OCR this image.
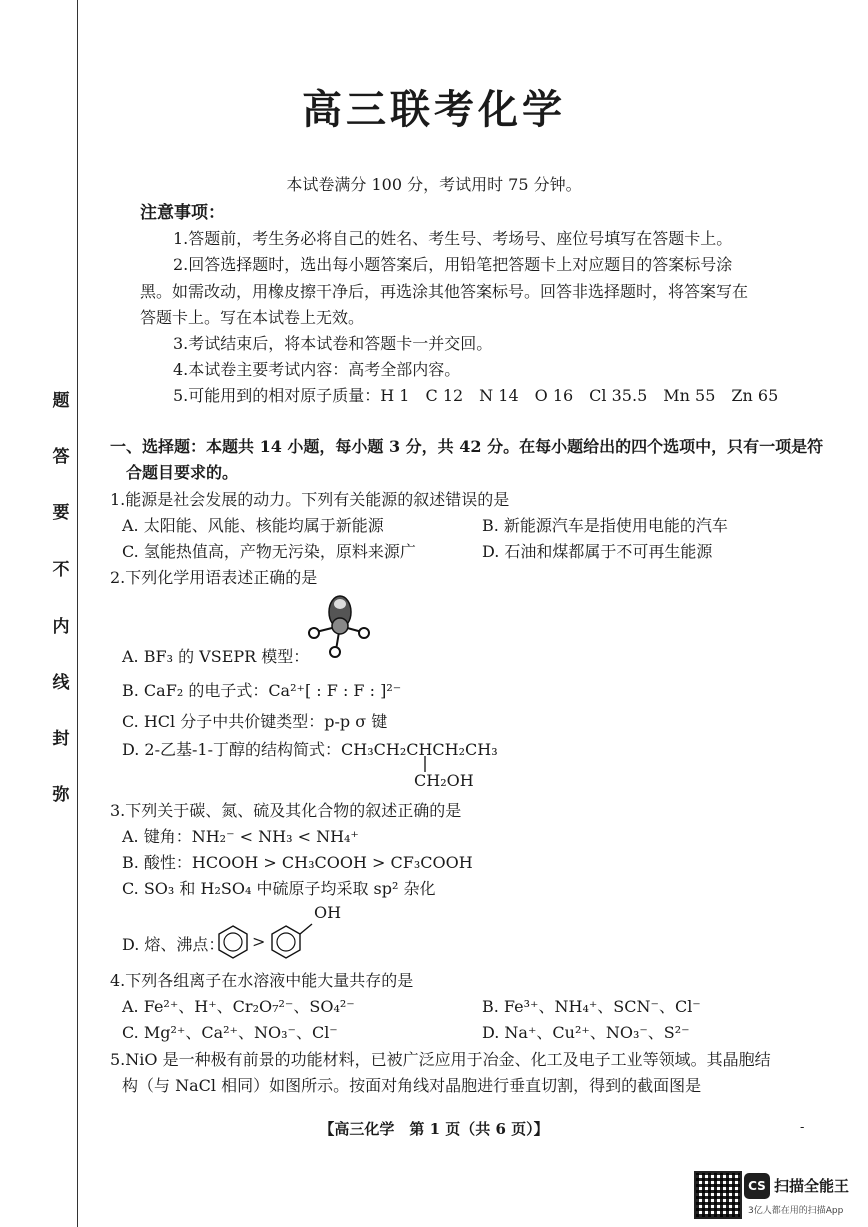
题
答
要
不
内
线
封
弥
高三联考化学
本试卷满分 100 分，考试用时 75 分钟。
注意事项：
1.答题前，考生务必将自己的姓名、考生号、考场号、座位号填写在答题卡上。
2.回答选择题时，选出每小题答案后，用铅笔把答题卡上对应题目的答案标号涂
黑。如需改动，用橡皮擦干净后，再选涂其他答案标号。回答非选择题时，将答案写在
答题卡上。写在本试卷上无效。
3.考试结束后，将本试卷和答题卡一并交回。
4.本试卷主要考试内容：高考全部内容。
5.可能用到的相对原子质量：H 1　C 12　N 14　O 16　Cl 35.5　Mn 55　Zn 65
一、选择题：本题共 14 小题，每小题 3 分，共 42 分。在每小题给出的四个选项中，只有一项是符
合题目要求的。
1.能源是社会发展的动力。下列有关能源的叙述错误的是
A. 太阳能、风能、核能均属于新能源	B. 新能源汽车是指使用电能的汽车
C. 氢能热值高，产物无污染，原料来源广	D. 石油和煤都属于不可再生能源
2.下列化学用语表述正确的是
A. BF₃ 的 VSEPR 模型：
B. CaF₂ 的电子式：Ca²⁺[ : F : F : ]²⁻
C. HCl 分子中共价键类型：p-p σ 键
D. 2-乙基-1-丁醇的结构简式：CH₃CH₂CHCH₂CH₃
CH₂OH
3.下列关于碳、氮、硫及其化合物的叙述正确的是
A. 键角：NH₂⁻ < NH₃ < NH₄⁺
B. 酸性：HCOOH > CH₃COOH > CF₃COOH
C. SO₃ 和 H₂SO₄ 中硫原子均采取 sp² 杂化
D. 熔、沸点： >
OH
4.下列各组离子在水溶液中能大量共存的是
A. Fe²⁺、H⁺、Cr₂O₇²⁻、SO₄²⁻	B. Fe³⁺、NH₄⁺、SCN⁻、Cl⁻
C. Mg²⁺、Ca²⁺、NO₃⁻、Cl⁻	D. Na⁺、Cu²⁺、NO₃⁻、S²⁻
5.NiO 是一种极有前景的功能材料，已被广泛应用于冶金、化工及电子工业等领域。其晶胞结
构（与 NaCl 相同）如图所示。按面对角线对晶胞进行垂直切割，得到的截面图是
【高三化学　第 1 页（共 6 页）】	-
CS 扫描全能王
3亿人都在用的扫描App
